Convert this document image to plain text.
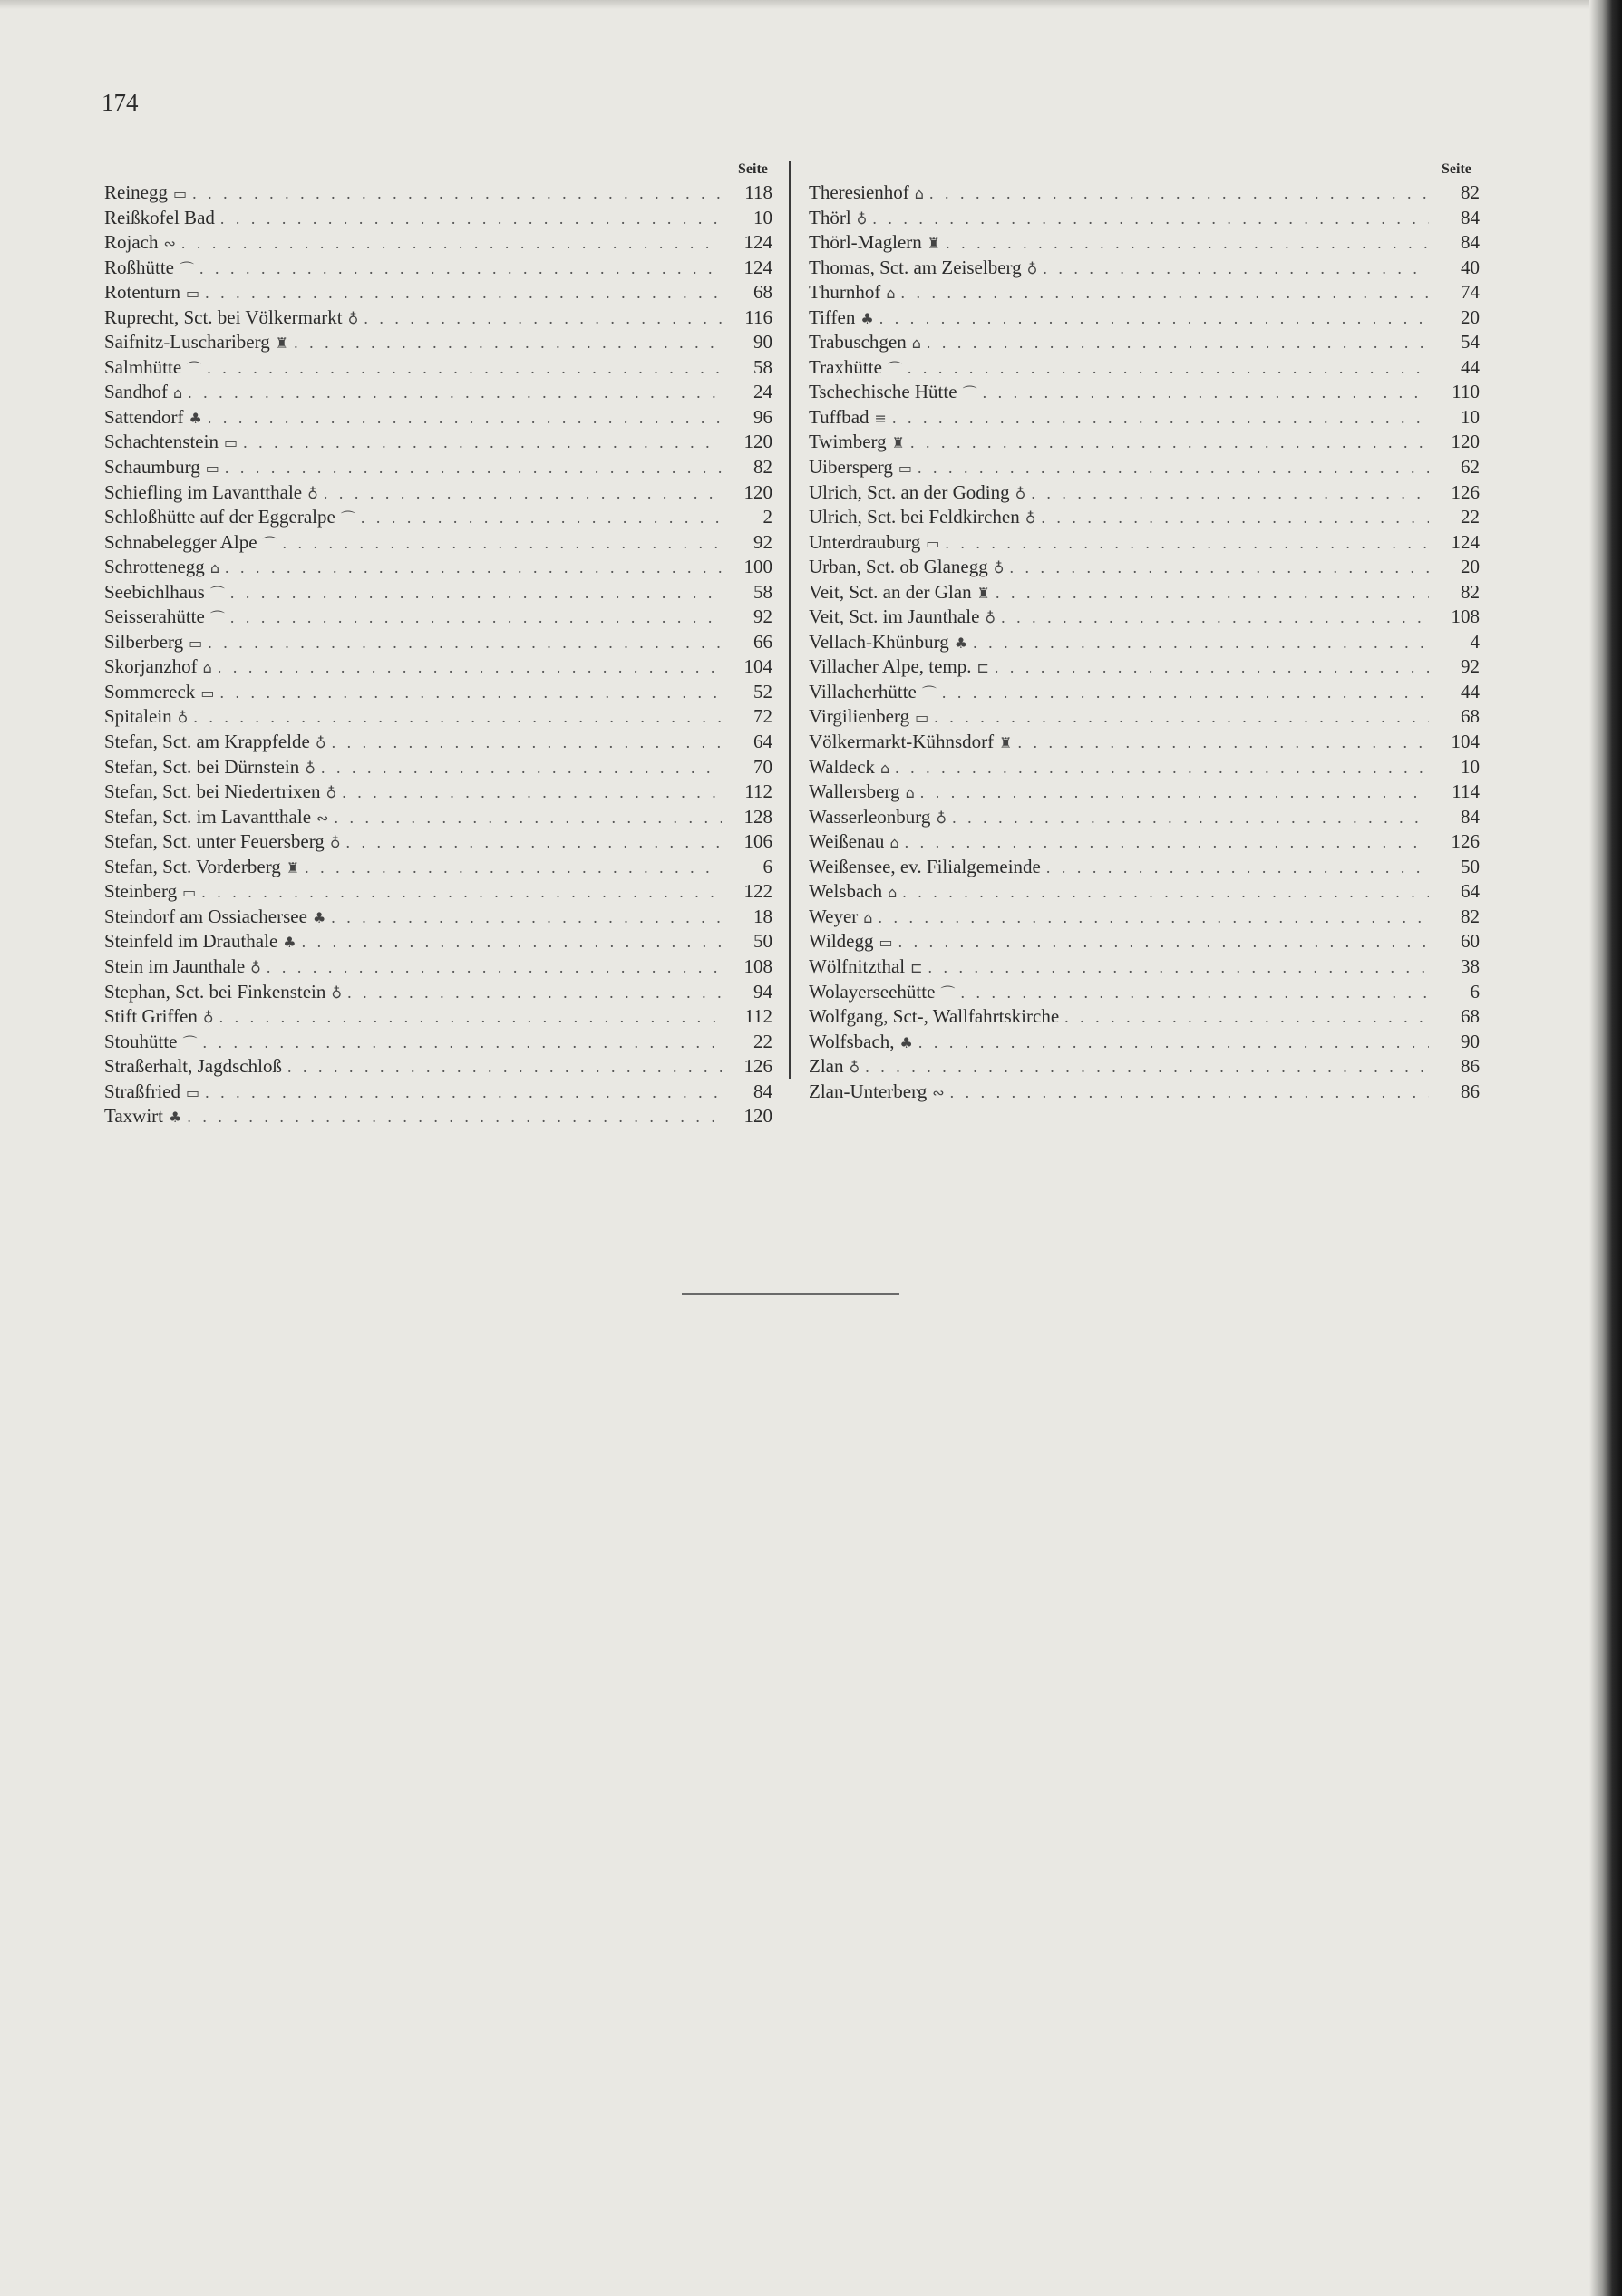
174
Seite	Seite
Reinegg ▭ . . .	118
Reißkofel Bad . . .	10
Rojach ∾ . . .	124
Roßhütte ⌒ . . .	124
Rotenturn ▭ . . .	68
Ruprecht, Sct. bei Völkermarkt ♁ . . .	116
Saifnitz-Luschariberg ♜ . . .	90
Salmhütte ⌒ . . .	58
Sandhof ⌂ . . .	24
Sattendorf ♣ . . .	96
Schachtenstein ▭ . . .	120
Schaumburg ▭ . . .	82
Schiefling im Lavantthale ♁ . . .	120
Schloßhütte auf der Eggeralpe ⌒ . . .	2
Schnabelegger Alpe ⌒ . . .	92
Schrottenegg ⌂ . . .	100
Seebichlhaus ⌒ . . .	58
Seisserahütte ⌒ . . .	92
Silberberg ▭ . . .	66
Skorjanzhof ⌂ . . .	104
Sommereck ▭ . . .	52
Spitalein ♁ . . .	72
Stefan, Sct. am Krappfelde ♁ . . .	64
Stefan, Sct. bei Dürnstein ♁ . . .	70
Stefan, Sct. bei Niedertrixen ♁ . . .	112
Stefan, Sct. im Lavantthale ∾ . . .	128
Stefan, Sct. unter Feuersberg ♁ . . .	106
Stefan, Sct. Vorderberg ♜ . . .	6
Steinberg ▭ . . .	122
Steindorf am Ossiachersee ♣ . . .	18
Steinfeld im Drauthale ♣ . . .	50
Stein im Jaunthale ♁ . . .	108
Stephan, Sct. bei Finkenstein ♁ . . .	94
Stift Griffen ♁ . . .	112
Stouhütte ⌒ . . .	22
Straßerhalt, Jagdschloß . . .	126
Straßfried ▭ . . .	84
Taxwirt ♣ . . .	120
Theresienhof ⌂ . . .	82
Thörl ♁ . . .	84
Thörl-Maglern ♜ . . .	84
Thomas, Sct. am Zeiselberg ♁ . . .	40
Thurnhof ⌂ . . .	74
Tiffen ♣ . . .	20
Trabuschgen ⌂ . . .	54
Traxhütte ⌒ . . .	44
Tschechische Hütte ⌒ . . .	110
Tuffbad ≡ . . .	10
Twimberg ♜ . . .	120
Uibersperg ▭ . . .	62
Ulrich, Sct. an der Goding ♁ . . .	126
Ulrich, Sct. bei Feldkirchen ♁ . . .	22
Unterdrauburg ▭ . . .	124
Urban, Sct. ob Glanegg ♁ . . .	20
Veit, Sct. an der Glan ♜ . . .	82
Veit, Sct. im Jaunthale ♁ . . .	108
Vellach-Khünburg ♣ . . .	4
Villacher Alpe, temp. ⊏ . . .	92
Villacherhütte ⌒ . . .	44
Virgilienberg ▭ . . .	68
Völkermarkt-Kühnsdorf ♜ . . .	104
Waldeck ⌂ . . .	10
Wallersberg ⌂ . . .	114
Wasserleonburg ♁ . . .	84
Weißenau ⌂ . . .	126
Weißensee, ev. Filialgemeinde . . .	50
Welsbach ⌂ . . .	64
Weyer ⌂ . . .	82
Wildegg ▭ . . .	60
Wölfnitzthal ⊏ . . .	38
Wolayerseehütte ⌒ . . .	6
Wolfgang, Sct-, Wallfahrtskirche . . .	68
Wolfsbach, ♣ . . .	90
Zlan ♁ . . .	86
Zlan-Unterberg ∾ . . .	86
